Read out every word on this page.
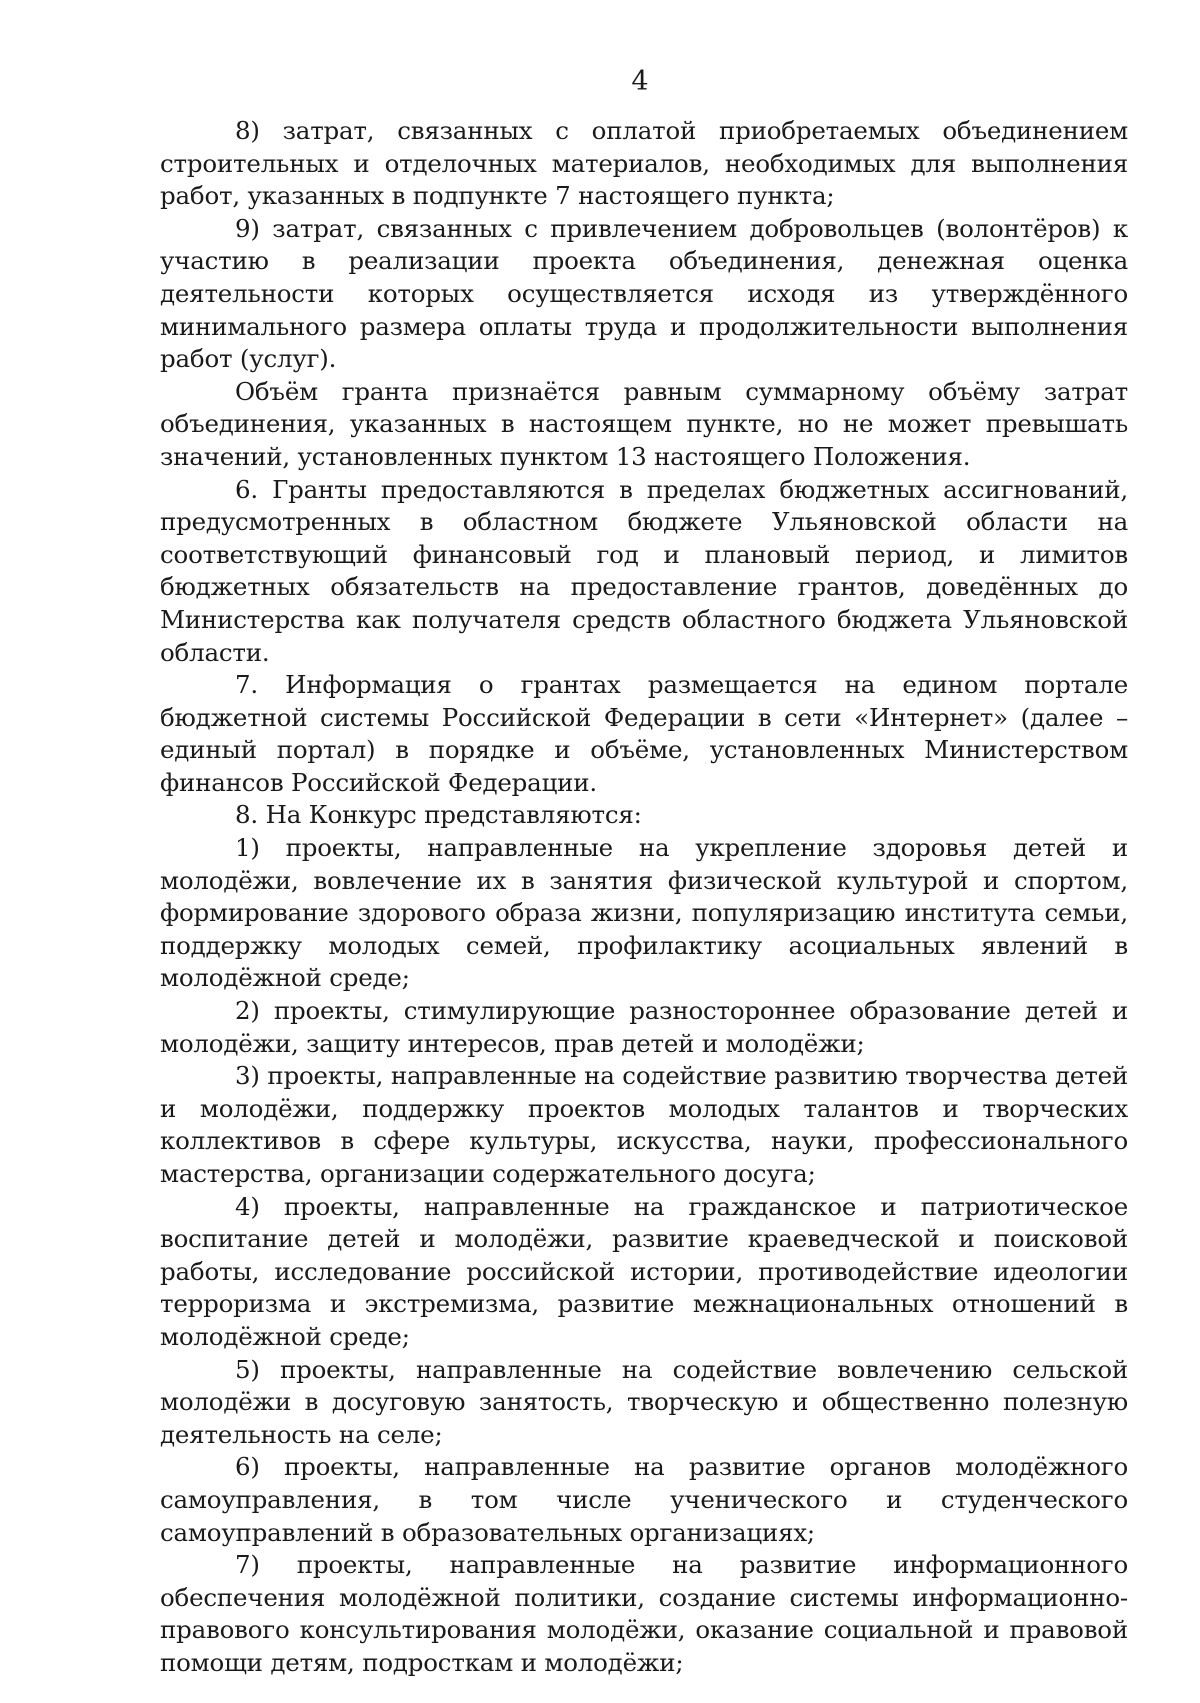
4

8) затрат, связанных с оплатой приобретаемых объединением строительных и отделочных материалов, необходимых для выполнения работ, указанных в подпункте 7 настоящего пункта;

9) затрат, связанных с привлечением добровольцев (волонтёров) к участию в реализации проекта объединения, денежная оценка деятельности которых осуществляется исходя из утверждённого минимального размера оплаты труда и продолжительности выполнения работ (услуг).

Объём гранта признаётся равным суммарному объёму затрат объединения, указанных в настоящем пункте, но не может превышать значений, установленных пунктом 13 настоящего Положения.

6. Гранты предоставляются в пределах бюджетных ассигнований, предусмотренных в областном бюджете Ульяновской области на соответствующий финансовый год и плановый период, и лимитов бюджетных обязательств на предоставление грантов, доведённых до Министерства как получателя средств областного бюджета Ульяновской области.

7. Информация о грантах размещается на едином портале бюджетной системы Российской Федерации в сети «Интернет» (далее – единый портал) в порядке и объёме, установленных Министерством финансов Российской Федерации.

8. На Конкурс представляются:

1) проекты, направленные на укрепление здоровья детей и молодёжи, вовлечение их в занятия физической культурой и спортом, формирование здорового образа жизни, популяризацию института семьи, поддержку молодых семей, профилактику асоциальных явлений в молодёжной среде;

2) проекты, стимулирующие разностороннее образование детей и молодёжи, защиту интересов, прав детей и молодёжи;

3) проекты, направленные на содействие развитию творчества детей и молодёжи, поддержку проектов молодых талантов и творческих коллективов в сфере культуры, искусства, науки, профессионального мастерства, организации содержательного досуга;

4) проекты, направленные на гражданское и патриотическое воспитание детей и молодёжи, развитие краеведческой и поисковой работы, исследование российской истории, противодействие идеологии терроризма и экстремизма, развитие межнациональных отношений в молодёжной среде;

5) проекты, направленные на содействие вовлечению сельской молодёжи в досуговую занятость, творческую и общественно полезную деятельность на селе;

6) проекты, направленные на развитие органов молодёжного самоуправления, в том числе ученического и студенческого самоуправлений в образовательных организациях;

7) проекты, направленные на развитие информационного обеспечения молодёжной политики, создание системы информационно-правового консультирования молодёжи, оказание социальной и правовой помощи детям, подросткам и молодёжи;
